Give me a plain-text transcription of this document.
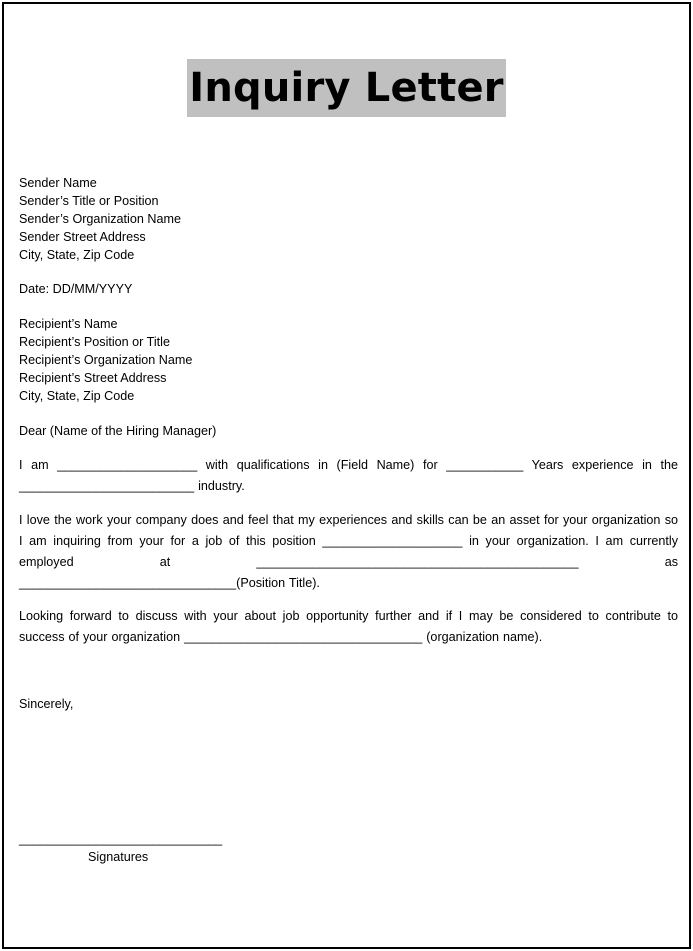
Inquiry Letter
Sender Name
Sender’s Title or Position
Sender’s Organization Name
Sender Street Address
City, State, Zip Code
Date: DD/MM/YYYY
Recipient’s Name
Recipient’s Position or Title
Recipient’s Organization Name
Recipient’s Street Address
City, State, Zip Code
Dear (Name of the Hiring Manager)
I am ____________________ with qualifications in (Field Name) for ___________ Years experience in the _________________________ industry.
I love the work your company does and feel that my experiences and skills can be an asset for your organization so I am inquiring from your for a job of this position ____________________ in your organization. I am currently employed at ______________________________________________ as _______________________________(Position Title).
Looking forward to discuss with your about job opportunity further and if I may be considered to contribute to success of your organization __________________________________ (organization name).
Sincerely,
_____________________________
Signatures
